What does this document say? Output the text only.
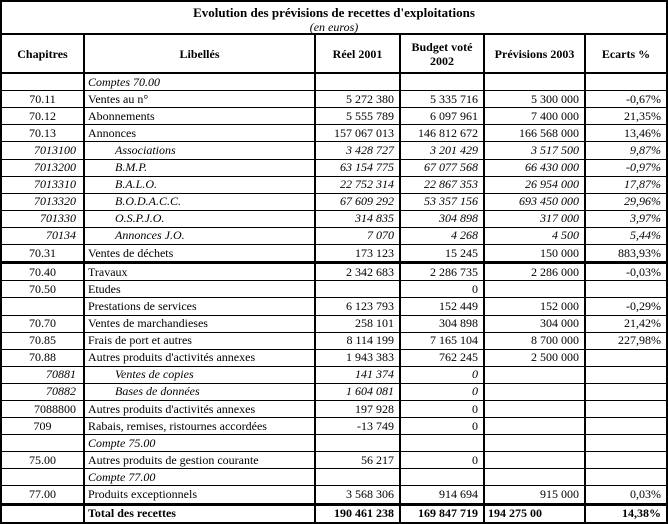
Evolution des prévisions de recettes d'exploitations
(en euros)
Chapitres	Libellés	Réel 2001	Budget voté 2002	Prévisions 2003	Ecarts %
	Comptes 70.00				
70.11	Ventes au n°	5 272 380	5 335 716	5 300 000	-0,67%
70.12	Abonnements	5 555 789	6 097 961	7 400 000	21,35%
70.13	Annonces	157 067 013	146 812 672	166 568 000	13,46%
7013100	Associations	3 428 727	3 201 429	3 517 500	9,87%
7013200	B.M.P.	63 154 775	67 077 568	66 430 000	-0,97%
7013310	B.A.L.O.	22 752 314	22 867 353	26 954 000	17,87%
7013320	B.O.D.A.C.C.	67 609 292	53 357 156	693 450 000	29,96%
701330	O.S.P.J.O.	314 835	304 898	317 000	3,97%
70134	Annonces J.O.	7 070	4 268	4 500	5,44%
70.31	Ventes de déchets	173 123	15 245	150 000	883,93%
70.40	Travaux	2 342 683	2 286 735	2 286 000	-0,03%
70.50	Etudes		0		
	Prestations de services	6 123 793	152 449	152 000	-0,29%
70.70	Ventes de marchandieses	258 101	304 898	304 000	21,42%
70.85	Frais de port et autres	8 114 199	7 165 104	8 700 000	227,98%
70.88	Autres produits d'activités annexes	1 943 383	762 245	2 500 000	
70881	Ventes de copies	141 374	0		
70882	Bases de données	1 604 081	0		
7088800	Autres produits d'activités annexes	197 928	0		
709	Rabais, remises, ristournes accordées	-13 749	0		
	Compte 75.00				
75.00	Autres produits de gestion courante	56 217	0		
	Compte 77.00				
77.00	Produits exceptionnels	3 568 306	914 694	915 000	0,03%
	Total des recettes	190 461 238	169 847 719	194 275 00	14,38%
